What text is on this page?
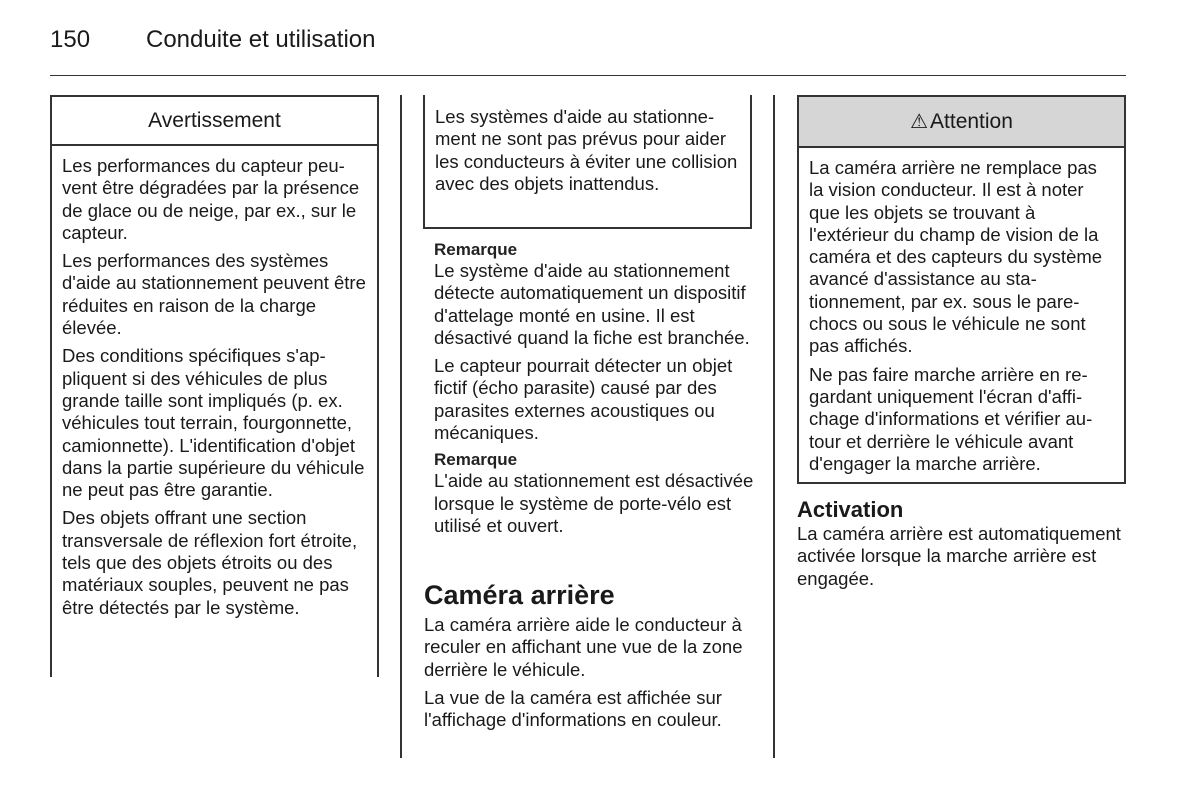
150 Conduite et utilisation
Avertissement

Les performances du capteur peuvent être dégradées par la présence de glace ou de neige, par ex., sur le capteur.

Les performances des systèmes d'aide au stationnement peuvent être réduites en raison de la charge élevée.

Des conditions spécifiques s'appliquent si des véhicules de plus grande taille sont impliqués (p. ex. véhicules tout terrain, fourgonnette, camionnette). L'identification d'objet dans la partie supérieure du véhicule ne peut pas être garantie.

Des objets offrant une section transversale de réflexion fort étroite, tels que des objets étroits ou des matériaux souples, peuvent ne pas être détectés par le système.

Les systèmes d'aide au stationnement ne sont pas prévus pour aider les conducteurs à éviter une collision avec des objets inattendus.
Remarque

Le système d'aide au stationnement détecte automatiquement un dispositif d'attelage monté en usine. Il est désactivé quand la fiche est branchée.

Le capteur pourrait détecter un objet fictif (écho parasite) causé par des parasites externes acoustiques ou mécaniques.

Remarque

L'aide au stationnement est désactivée lorsque le système de porte-vélo est utilisé et ouvert.

Caméra arrière

La caméra arrière aide le conducteur à reculer en affichant une vue de la zone derrière le véhicule.

La vue de la caméra est affichée sur l'affichage d'informations en couleur.

⚠ Attention

La caméra arrière ne remplace pas la vision conducteur. Il est à noter que les objets se trouvant à l'extérieur du champ de vision de la caméra et des capteurs du système avancé d'assistance au stationnement, par ex. sous le pare-chocs ou sous le véhicule ne sont pas affichés.

Ne pas faire marche arrière en regardant uniquement l'écran d'affichage d'informations et vérifier autour et derrière le véhicule avant d'engager la marche arrière.

Activation

La caméra arrière est automatiquement activée lorsque la marche arrière est engagée.
